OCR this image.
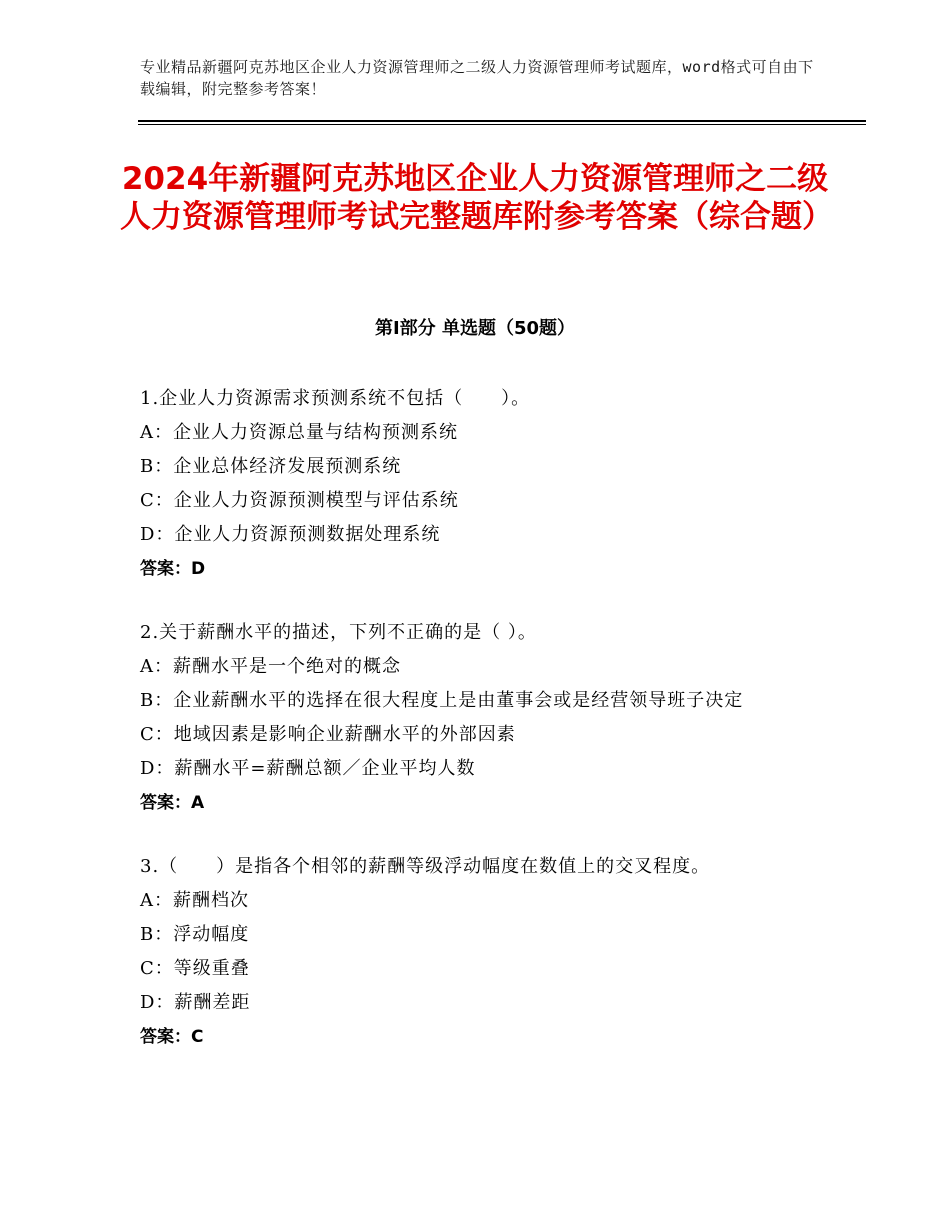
专业精品新疆阿克苏地区企业人力资源管理师之二级人力资源管理师考试题库，word格式可自由下载编辑，附完整参考答案！
2024年新疆阿克苏地区企业人力资源管理师之二级人力资源管理师考试完整题库附参考答案（综合题）
第Ⅰ部分 单选题（50题）
1.企业人力资源需求预测系统不包括（　　）。
A：企业人力资源总量与结构预测系统
B：企业总体经济发展预测系统
C：企业人力资源预测模型与评估系统
D：企业人力资源预测数据处理系统
答案：D
2.关于薪酬水平的描述，下列不正确的是（ ）。
A：薪酬水平是一个绝对的概念
B：企业薪酬水平的选择在很大程度上是由董事会或是经营领导班子决定
C：地域因素是影响企业薪酬水平的外部因素
D：薪酬水平=薪酬总额／企业平均人数
答案：A
3.（　　）是指各个相邻的薪酬等级浮动幅度在数值上的交叉程度。
A：薪酬档次
B：浮动幅度
C：等级重叠
D：薪酬差距
答案：C
